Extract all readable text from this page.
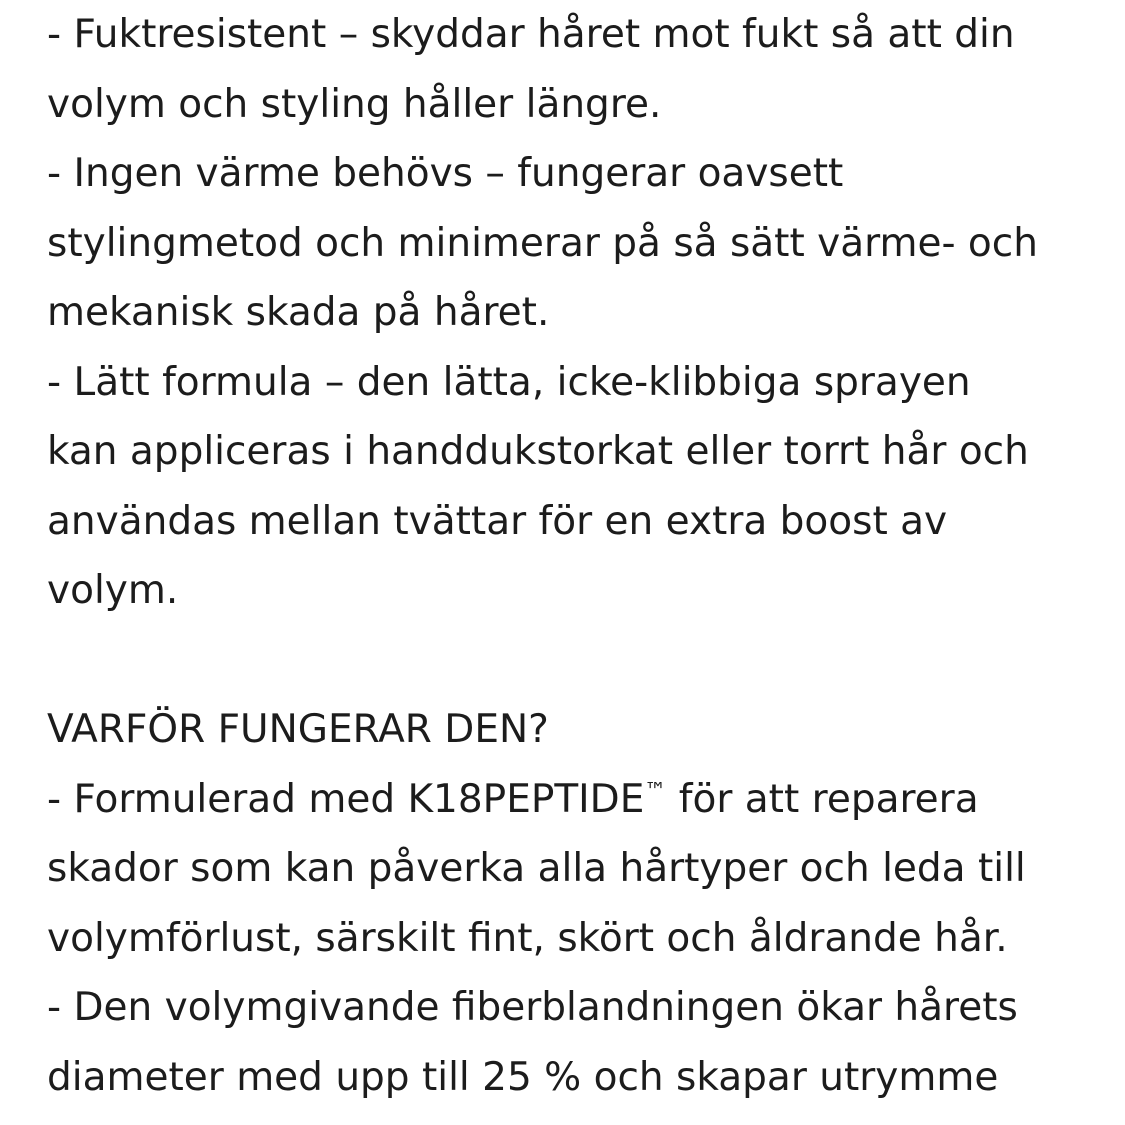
- Fuktresistent – skyddar håret mot fukt så att din
volym och styling håller längre.
- Ingen värme behövs – fungerar oavsett
stylingmetod och minimerar på så sätt värme- och
mekanisk skada på håret.
- Lätt formula – den lätta, icke-klibbiga sprayen
kan appliceras i handdukstorkat eller torrt hår och
användas mellan tvättar för en extra boost av
volym.
VARFÖR FUNGERAR DEN?
- Formulerad med K18PEPTIDE™ för att reparera
skador som kan påverka alla hårtyper och leda till
volymförlust, särskilt fint, skört och åldrande hår.
- Den volymgivande fiberblandningen ökar hårets
diameter med upp till 25 % och skapar utrymme
